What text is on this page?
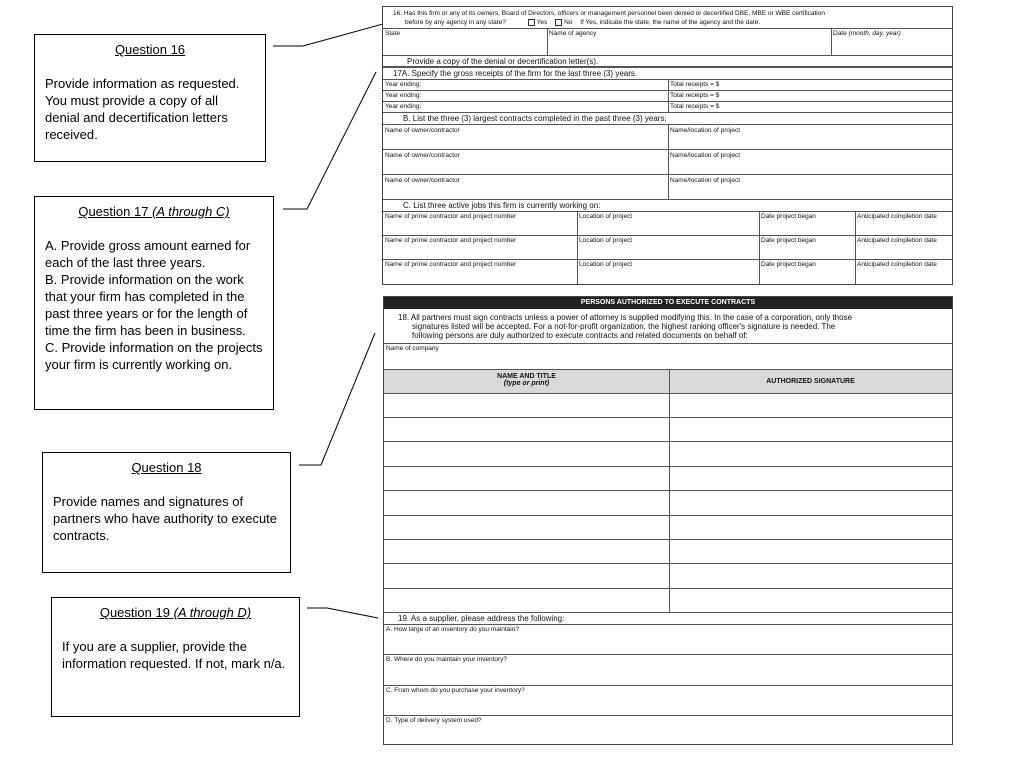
Question 16

Provide information as requested. You must provide a copy of all denial and decertification letters received.

Question 17 (A through C)

A. Provide gross amount earned for each of the last three years.

B. Provide information on the work that your firm has completed in the past three years or for the length of time the firm has been in business.

C. Provide information on the projects your firm is currently working on.

Question 18

Provide names and signatures of partners who have authority to execute contracts.

Question 19 (A through D)

If you are a supplier, provide the information requested. If not, mark n/a.

16. Has this firm or any of its owners, Board of Directors, officers or management personnel been denied or decertified DBE, MBE or WBE certification
before by any agency in any state?	Yes	No If Yes, indicate the state, the name of the agency and the date.
State	Name of agency	Date (month, day, year)
Provide a copy of the denial or decertification letter(s).
17A. Specify the gross receipts of the firm for the last three (3) years.
Year ending:	Total receipts = $
Year ending:	Total receipts = $
Year ending:	Total receipts = $
B. List the three (3) largest contracts completed in the past three (3) years:
Name of owner/contractor	Name/location of project
Name of owner/contractor	Name/location of project
Name of owner/contractor	Name/location of project
C. List three active jobs this firm is currently working on:
Name of prime contractor and project number	Location of project	Date project began	Anticipated completion date
Name of prime contractor and project number	Location of project	Date project began	Anticipated completion date
Name of prime contractor and project number	Location of project	Date project began	Anticipated completion date
PERSONS AUTHORIZED TO EXECUTE CONTRACTS
18. All partners must sign contracts unless a power of attorney is supplied modifying this. In the case of a corporation, only those
signatures listed will be accepted. For a not-for-profit organization, the highest ranking officer's signature is needed. The
following persons are duly authorized to execute contracts and related documents on behalf of:
Name of company
NAME AND TITLE
(type or print)	AUTHORIZED SIGNATURE
19. As a supplier, please address the following:
A. How large of an inventory do you maintain?
B. Where do you maintain your inventory?
C. From whom do you purchase your inventory?
D. Type of delivery system used?
